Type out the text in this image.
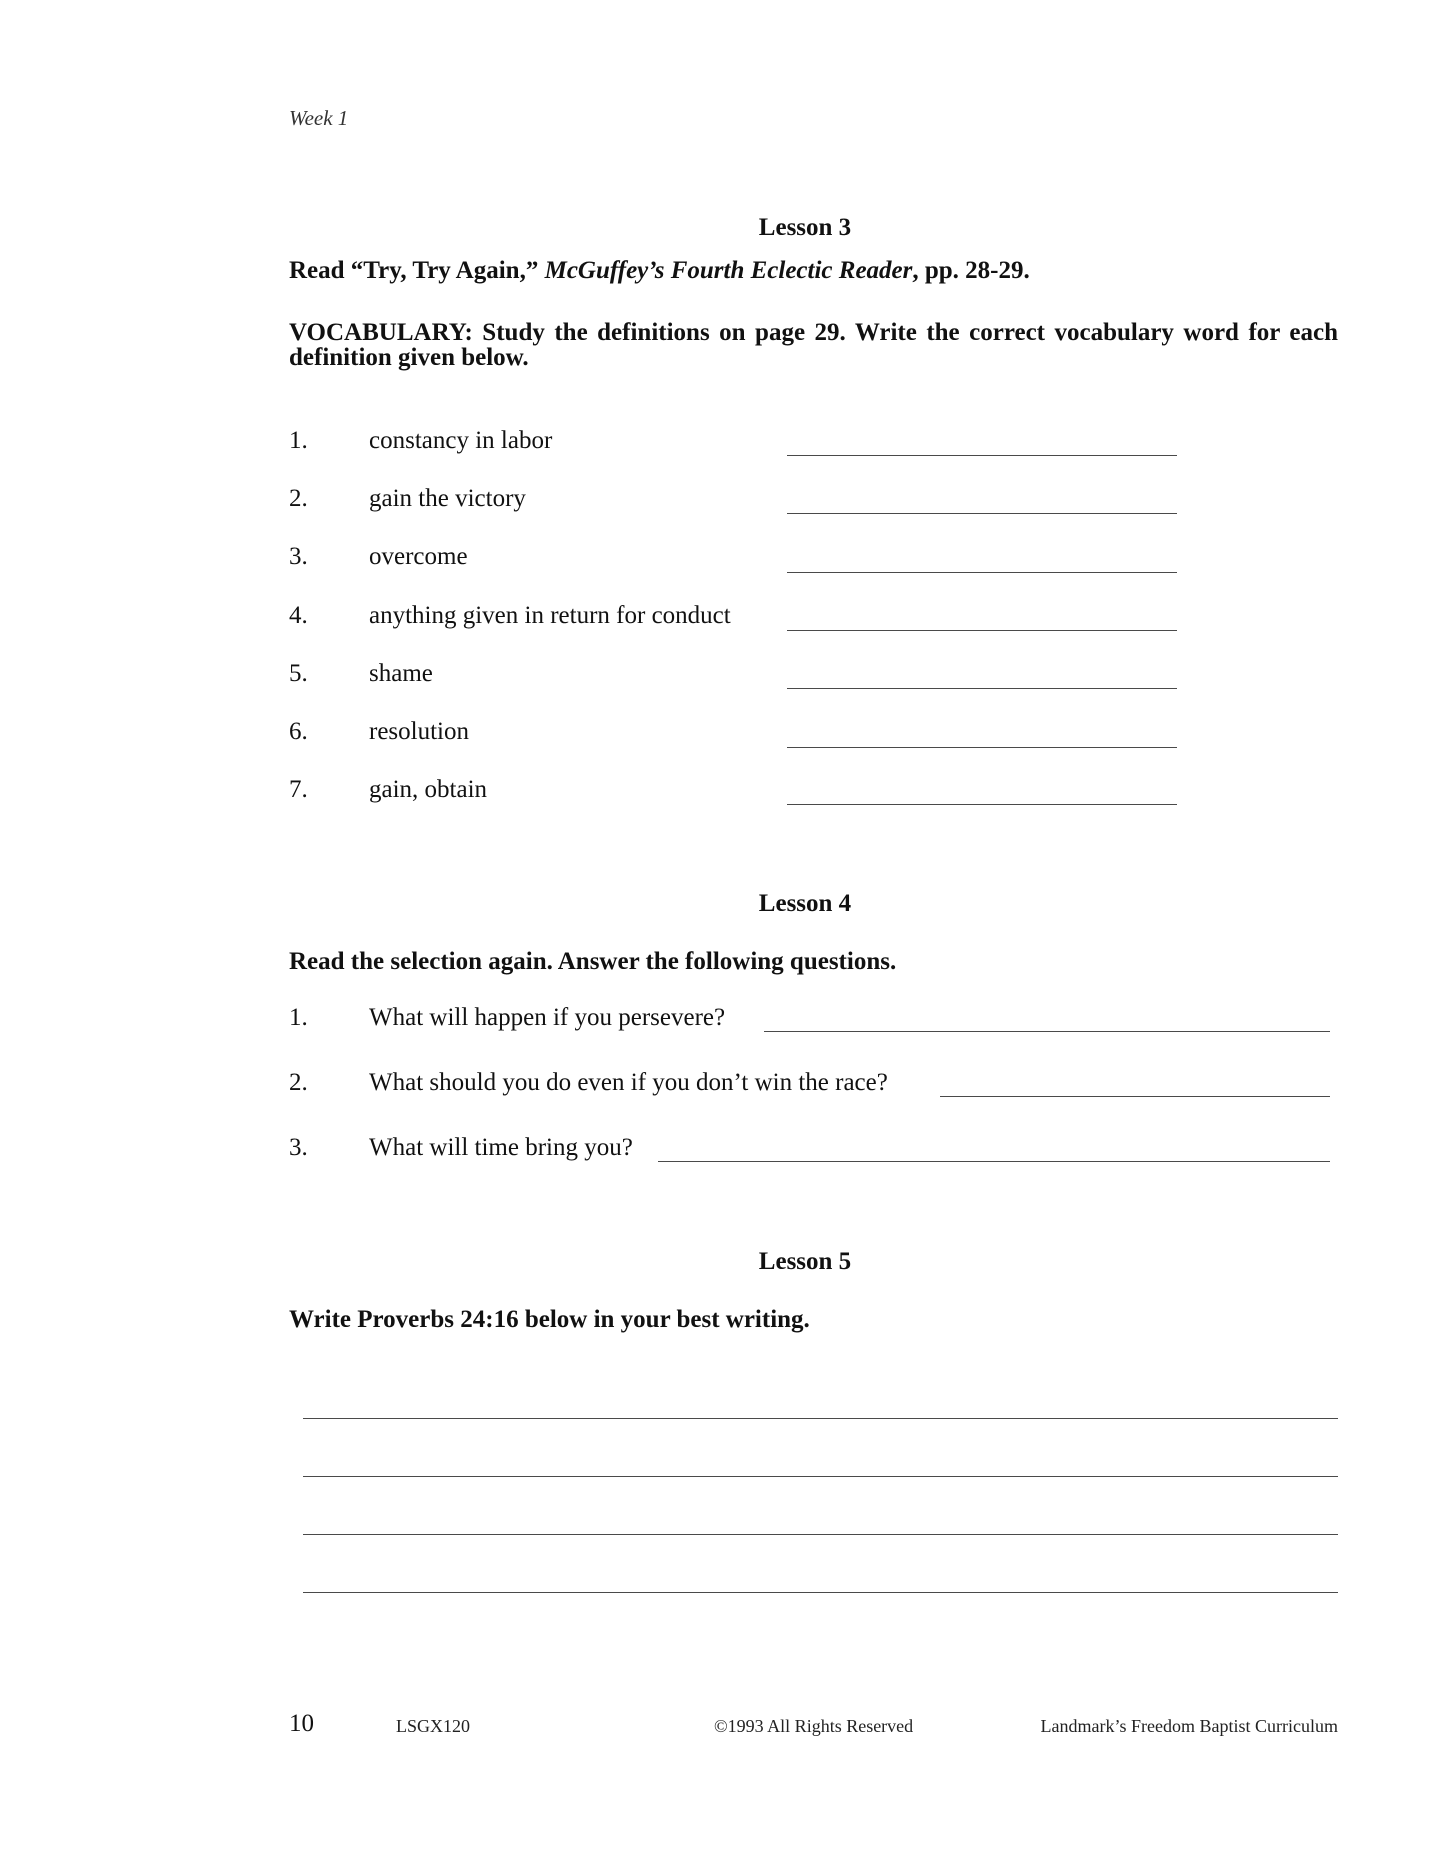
Week 1
Lesson 3
Read “Try, Try Again,” McGuffey’s Fourth Eclectic Reader, pp. 28-29.
VOCABULARY: Study the definitions on page 29. Write the correct vocabulary word for each definition given below.
1. constancy in labor
2. gain the victory
3. overcome
4. anything given in return for conduct
5. shame
6. resolution
7. gain, obtain
Lesson 4
Read the selection again. Answer the following questions.
1. What will happen if you persevere?
2. What should you do even if you don’t win the race?
3. What will time bring you?
Lesson 5
Write Proverbs 24:16 below in your best writing.
10	LSGX120	©1993 All Rights Reserved	Landmark’s Freedom Baptist Curriculum
